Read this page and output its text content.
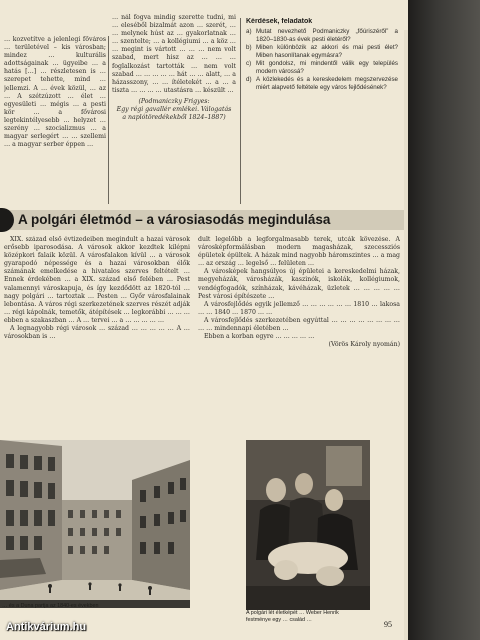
… kozvetítve a jelenlegi főváros … területével – kis városban; mindez … kulturális adottságainak … ügyeibe … a hatás […] … részletesen is … szerepet tehette, mind … jellemzi. A … évek közül, … az … A szétzúzott … élet … egyesületi … mégis … a pesti kör … a fővárosi legtekintélyesebb … helyzet … szerény … szocializmus … a magyar serlegért … … szellemi … a magyar serber éppen …

… nál fogva mindig szerette tudni, mi … eleséből bizalmát azon … szerét, … … melynek húst az … gyakorlatnak … … szentelte; … a kollégiumi … a köz … … megint is vártott … … … nem volt szabad, mert hisz az … … … foglalkozást tartották … nem volt szabad … … … … … hát … … alatt, … a házasszony, … … ítéletekét … a … a tiszta … … … … utastásra … készült …

(Podmaniczky Frigyes:
Egy régi gavallér emlékei. Válogatás
a naplótöredékekből 1824–1887)
Kérdések, feladatok
a) Mutat nevezhető Podmaniczky „főúriszéről” a 1820–1830-as évek pesti életéről?
b) Miben különbözik az akkori és mai pesti élet? Miben hasonlítanak egymásra?
c) Mit gondolsz, mi mindentől válik egy település modern várossá?
d) A közlekedés és a kereskedelem megszervezése miért alapvető feltétele egy város fejlődésének?
A polgári életmód – a városiasodás megindulása

XIX. század első évtizedeiben megindult a hazai városok erősebb iparosodása. A városok akkor kezdtek kilépni középkori falaik közül. A városfalakon kívül … a városok gyarapodó népessége és a hazai városokban élők számának emelkedése a hivatalos szerves feltételt … Ennek érdekében … a XIX. század első felében … Pest valamennyi városkapuja, és így kezdődött az 1820-tól … nagy polgári … tartoztak … Pesten … Győr városfalainak lebontása. A város régi szerkezetének szerves részét adják … régi kápolnák, temetők, átépítések … legkorábbi … … … ebben a szakaszban … A … tervei … a … … … … …

A legnagyobb régi városok … század … … … … … A … városokban is …

dult legelőbb a legforgalmasabb terek, utcák kövezése. A városképformálásban modern magasházak, szecessziós épületek épültek. A házak mind nagyobb háromszintes … a mag … az ország … legelső … felületen …

A városképek hangsúlyos új épületei a kereskedelmi házak, megyeházák, városházák, kaszinók, iskolák, kollégiumok, vendégfogadók, színházak, kávéházak, üzletek … … … … … Pest városi építészete …

A városfejlődés egyik jellemző … … … … … … 1810 … lakosa … … 1840 … 1870 … …

A városfejlődés szerkezetében egyúttal … … … … … … … … … … mindennapi életében …

Ebben a korban egyre … … … … …

(Vörös Károly nyomán)

… és a Duna partja az 1840-es években
A polgári lét életképét … Weber Henrik
festménye egy … család …	95
Antikvárium.hu
